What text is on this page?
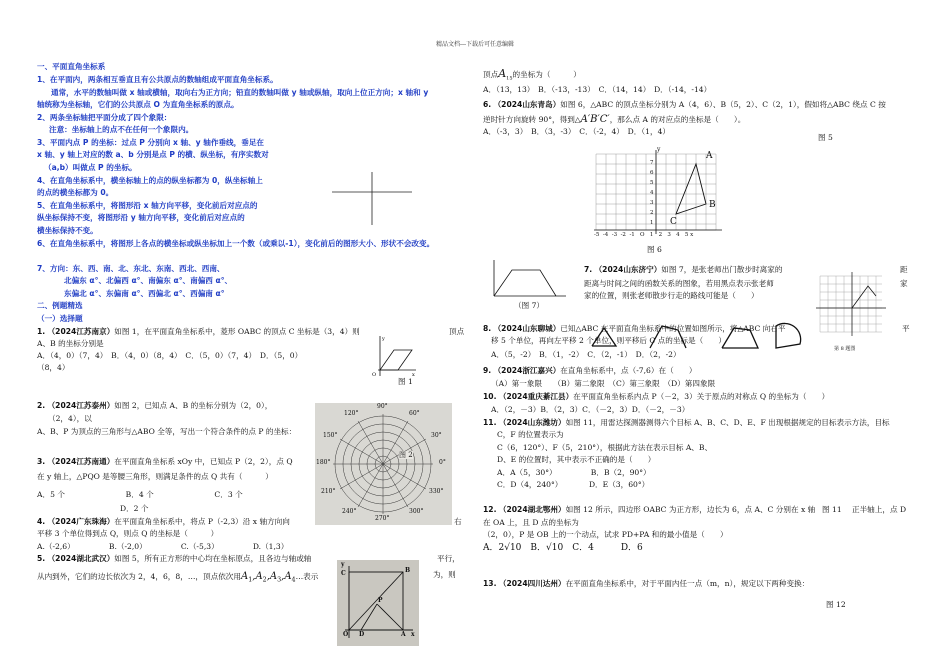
精品文档---下载后可任意编辑
一、平面直角坐标系
1、在平面内，两条相互垂直且有公共原点的数轴组成平面直角坐标系。
通常，水平的数轴叫做 x 轴或横轴，取向右为正方向；铅直的数轴叫做 y 轴或纵轴，取向上位正方向；x 轴和 y
轴统称为坐标轴，它们的公共原点 O 为直角坐标系的原点。
2、两条坐标轴把平面分成了四个象限：
注意：坐标轴上的点不在任何一个象限内。
3、平面内点 P 的坐标：过点 P 分别向 x 轴、y 轴作垂线，垂足在
x 轴、y 轴上对应的数 a、b 分别是点 P 的横、纵坐标，有序实数对
（a,b）叫做点 P 的坐标。
4、在直角坐标系中，横坐标轴上的点的纵坐标都为 0，纵坐标轴上
的点的横坐标都为 0。
5、在直角坐标系中，将图形沿 x 轴方向平移，变化前后对应点的
纵坐标保持不变，将图形沿 y 轴方向平移，变化前后对应点的
横坐标保持不变。
6、在直角坐标系中，将图形上各点的横坐标或纵坐标加上一个数（或乘以-1），变化前后的图形大小、形状不会改变。
7、方向：东、西、南、北、东北、东南、西北、西南、
北偏东 α°、北偏西 α°、南偏东 α°、南偏西 α°、
东偏北 α°、东偏南 α°、西偏北 α°、西偏南 α°
二、例题精选
（一）选择题
1. （2024江苏南京）如图 1，在平面直角坐标系中，菱形 OABC 的顶点 C 坐标是（3，4）则	顶点
A、B 的坐标分别是
A．（4，0）（7，4）　B．（4，0）（8，4）　C．（5，0）（7，4）　D．（5，0）
（8，4）
O	x
y
图 1
2. （2024江苏泰州）如图 2，已知点 A、B 的坐标分别为（2，0），
（2，4），以
A、B、P 为顶点的三角形与△ABO 全等，写出一个符合条件的点 P 的坐标：
90°
120°	60°
150°	30°
180°	0°
210°	330°
240°	300°
270°
图 2
3. （2024江苏南通）在平面直角坐标系 xOy 中，已知点 P（2，2），点 Q
在 y 轴上，△PQO 是等腰三角形，则满足条件的点 Q 共有（　　　）
A．5 个　　　　　　　　B．4 个　　　　　　　　C．3 个
D．2 个
4. （2024广东珠海）在平面直角坐标系中，将点 P（-2,3）沿 x 轴方向向	右
平移 3 个单位得到点 Q，则点 Q 的坐标是（　　　）
A.（-2,6）　　　　　B.（-2,0）　　　　　C.（-5,3）　　　　　D.（1,3）
5. （2024湖北武汉）如图 5，所有正方形的中心均在坐标原点，且各边与轴或轴	平行，
从内到外，它们的边长依次为 2，4，6，8，…，顶点依次用$A_1,A_2,A_3,A_4\dots$表示	为，则
y
C	B
P
A
O	x
D
顶点$A_{15}$的坐标为（　　　）
A．（13，13）　B．（-13，-13）　C．（14，14）　D．（-14，-14）
6. （2024山东青岛）如图 6，△ABC 的顶点坐标分别为 A（4，6）、B（5，2）、C（2，1），假如将△ABC 绕点 C 按
逆时针方向旋转 90°，得到△A′B′C′，那么点 A 的对应点的坐标是（　　）。
A．（-3，3）　B．（3，-3）　C．（-2，4）　D．（1，4）
图 5
A
B
C
y
7
6
5
4
3
2
1
-5 -4 -3 -2 -1 O 1 2 3 4 5 x
图 6
（图 7）
7. （2024山东济宁）如图 7，是张老师出门散步时离家的
距离与时间之间的函数关系的图象，若用黑点表示张老师
家的位置，则张老师散步行走的路线可能是（　　）
距
家
第 8 题图
8. （2024山东聊城）已知△ABC 在平面直角坐标系中的位置如图所示，将△ABC 向右平	平
移 5 个单位，再向左平移 2 个单位，则平移后 C 点的坐标是（　　）
A．（5，-2）　B．（1，-2）　C．（2，-1）　D．（2，-2）
9. （2024浙江嘉兴）在直角坐标系中，点（-7,6）在（　　）
（A）第一象限　　（B）第二象限　（C）第三象限　（D）第四象限
10. （2024重庆綦江县）在平面直角坐标系内点 P（－2，3）关于原点的对称点 Q 的坐标为（　　）
A．（2，－3）B．（2，3）C．（－2，3）D．（－2，－3）
11. （2024山东潍坊）如图 11，用雷达探测器测得六个目标 A、B、C、D、E、F 出现根据规定的目标表示方法，目标
C，F 的位置表示为
C（6，120°）、F（5，210°），根据此方法在表示目标 A、B、
D、E 的位置时，其中表示不正确的是（　　）
A．A（5，30°）　　　　　B．B（2，90°）
C．D（4，240°）　　　　D．E（3，60°）
12. （2024湖北鄂州）如图 12 所示，四边形 OABC 为正方形，边长为 6，点 A、C 分别在 x 轴 图 11 正半轴上，点 D
在 OA 上，且 D 点的坐标为
（2，0），P 是 OB 上的一个动点，试求 PD+PA 和的最小值是（　　）
A．2√10　B．√10　C．4　　　D．6
13. （2024四川达州）在平面直角坐标系中，对于平面内任一点（m，n），规定以下两种变换：
图 12
